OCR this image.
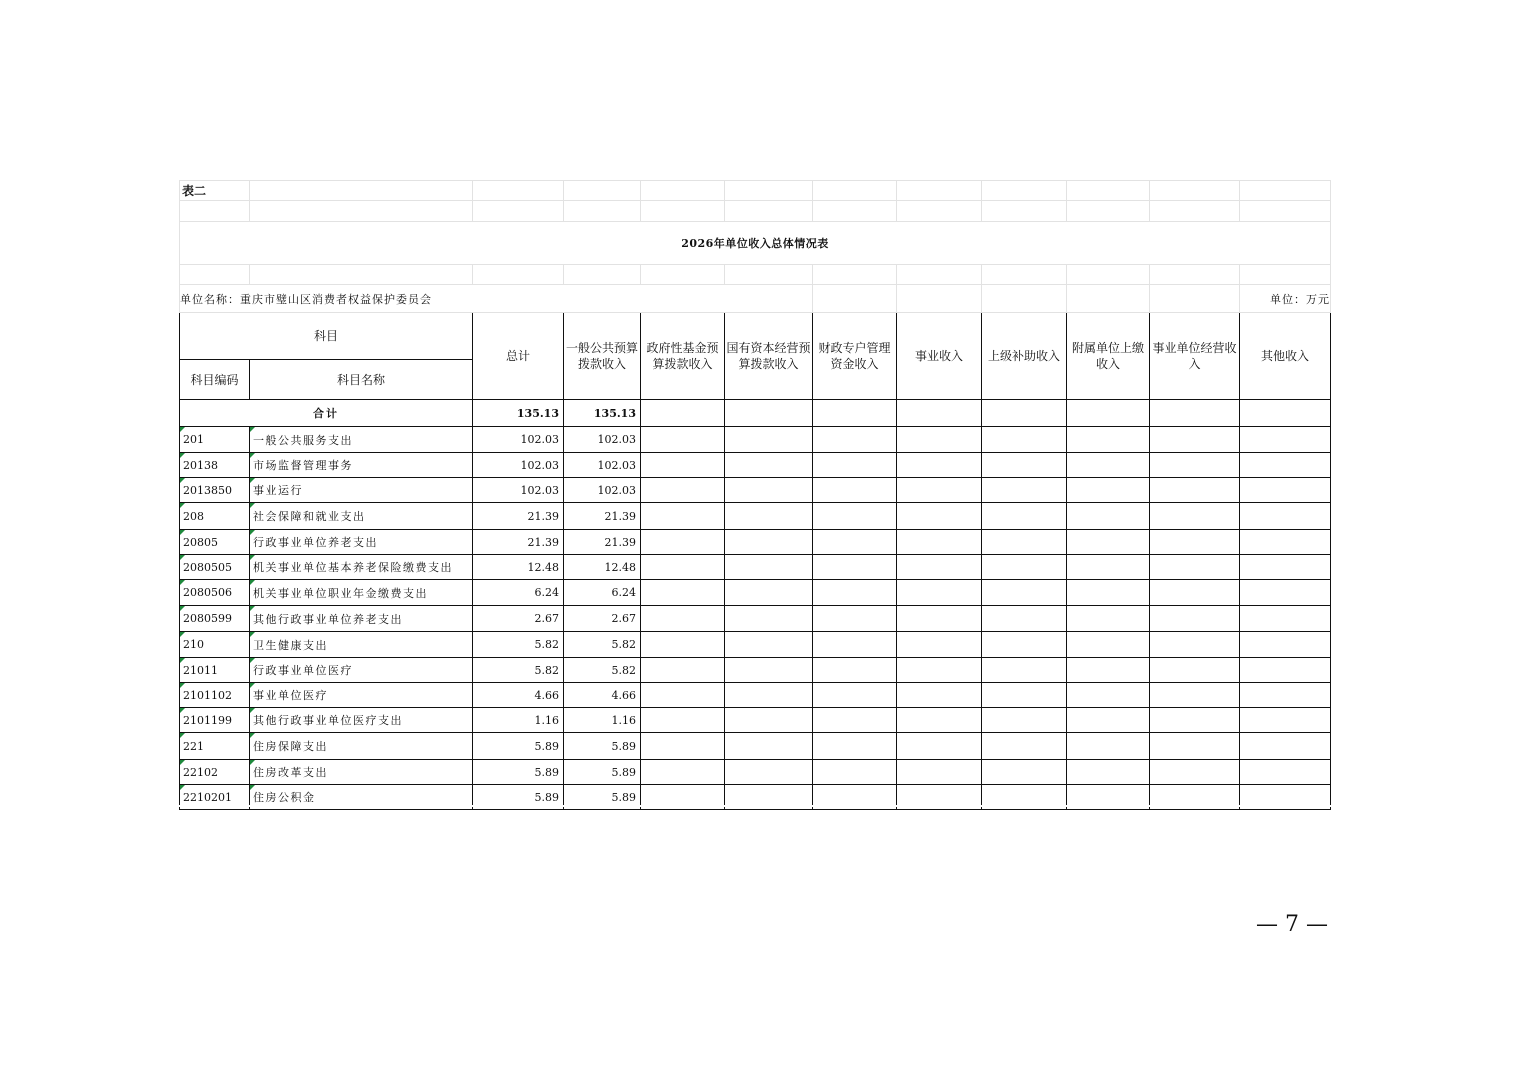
表二											

2026年单位收入总体情况表											

单位名称：重庆市璧山区消费者权益保护委员会											单位：万元
科目		总计	一般公共预算拨款收入	政府性基金预算拨款收入	国有资本经营预算拨款收入	财政专户管理资金收入	事业收入	上级补助收入	附属单位上缴收入	事业单位经营收入	其他收入
科目编码	科目名称										
合计		135.13	135.13								
201	一般公共服务支出	102.03	102.03								
20138	市场监督管理事务	102.03	102.03								
2013850	事业运行	102.03	102.03								
208	社会保障和就业支出	21.39	21.39								
20805	行政事业单位养老支出	21.39	21.39								
2080505	机关事业单位基本养老保险缴费支出	12.48	12.48								
2080506	机关事业单位职业年金缴费支出	6.24	6.24								
2080599	其他行政事业单位养老支出	2.67	2.67								
210	卫生健康支出	5.82	5.82								
21011	行政事业单位医疗	5.82	5.82								
2101102	事业单位医疗	4.66	4.66								
2101199	其他行政事业单位医疗支出	1.16	1.16								
221	住房保障支出	5.89	5.89								
22102	住房改革支出	5.89	5.89								
2210201	住房公积金	5.89	5.89								
— 7 —
